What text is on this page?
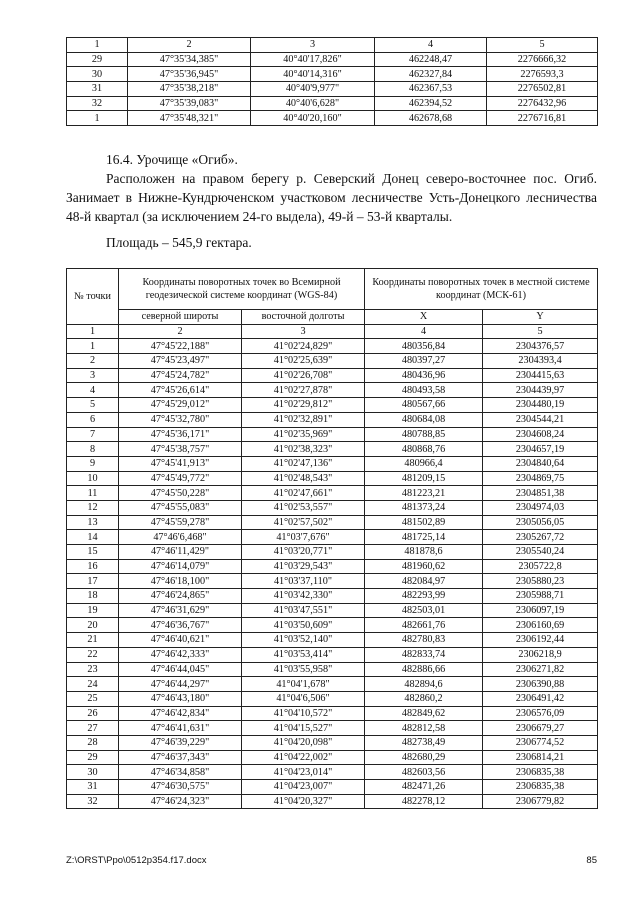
1	2	3	4	5
29	47°35'34,385"	40°40'17,826"	462248,47	2276666,32
30	47°35'36,945"	40°40'14,316"	462327,84	2276593,3
31	47°35'38,218"	40°40'9,977"	462367,53	2276502,81
32	47°35'39,083"	40°40'6,628"	462394,52	2276432,96
1	47°35'48,321"	40°40'20,160"	462678,68	2276716,81

16.4. Урочище «Огиб».

Расположен на правом берегу р. Северский Донец северо-восточнее пос. Огиб. Занимает в Нижне-Кундрюченском участковом лесничестве Усть-Донецкого лесничества 48-й квартал (за исключением 24-го выдела), 49-й – 53-й кварталы.

Площадь – 545,9 гектара.

№ точки	Координаты поворотных точек во Всемирной геодезической системе координат (WGS-84)		Координаты поворотных точек в местной системе координат (МСК-61)	
	северной широты	восточной долготы	X	Y
1	2	3	4	5
1	47°45'22,188"	41°02'24,829"	480356,84	2304376,57
2	47°45'23,497"	41°02'25,639"	480397,27	2304393,4
3	47°45'24,782"	41°02'26,708"	480436,96	2304415,63
4	47°45'26,614"	41°02'27,878"	480493,58	2304439,97
5	47°45'29,012"	41°02'29,812"	480567,66	2304480,19
6	47°45'32,780"	41°02'32,891"	480684,08	2304544,21
7	47°45'36,171"	41°02'35,969"	480788,85	2304608,24
8	47°45'38,757"	41°02'38,323"	480868,76	2304657,19
9	47°45'41,913"	41°02'47,136"	480966,4	2304840,64
10	47°45'49,772"	41°02'48,543"	481209,15	2304869,75
11	47°45'50,228"	41°02'47,661"	481223,21	2304851,38
12	47°45'55,083"	41°02'53,557"	481373,24	2304974,03
13	47°45'59,278"	41°02'57,502"	481502,89	2305056,05
14	47°46'6,468"	41°03'7,676"	481725,14	2305267,72
15	47°46'11,429"	41°03'20,771"	481878,6	2305540,24
16	47°46'14,079"	41°03'29,543"	481960,62	2305722,8
17	47°46'18,100"	41°03'37,110"	482084,97	2305880,23
18	47°46'24,865"	41°03'42,330"	482293,99	2305988,71
19	47°46'31,629"	41°03'47,551"	482503,01	2306097,19
20	47°46'36,767"	41°03'50,609"	482661,76	2306160,69
21	47°46'40,621"	41°03'52,140"	482780,83	2306192,44
22	47°46'42,333"	41°03'53,414"	482833,74	2306218,9
23	47°46'44,045"	41°03'55,958"	482886,66	2306271,82
24	47°46'44,297"	41°04'1,678"	482894,6	2306390,88
25	47°46'43,180"	41°04'6,506"	482860,2	2306491,42
26	47°46'42,834"	41°04'10,572"	482849,62	2306576,09
27	47°46'41,631"	41°04'15,527"	482812,58	2306679,27
28	47°46'39,229"	41°04'20,098"	482738,49	2306774,52
29	47°46'37,343"	41°04'22,002"	482680,29	2306814,21
30	47°46'34,858"	41°04'23,014"	482603,56	2306835,38
31	47°46'30,575"	41°04'23,007"	482471,26	2306835,38
32	47°46'24,323"	41°04'20,327"	482278,12	2306779,82
Z:\ORST\Ppo\0512p354.f17.docx	85
